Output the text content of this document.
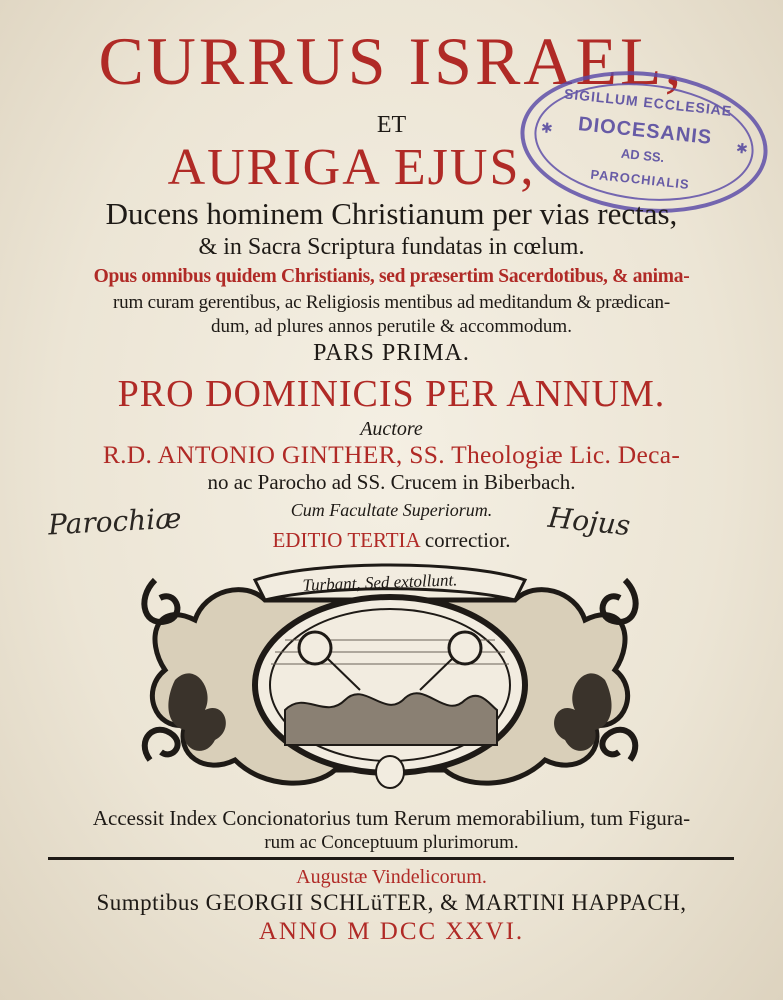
CURRUS ISRAEL,
ET
AURIGA EJUS,
SIGILLUM ECCLESIAE
✱	DIOCESANIS	✱
AD SS.
PAROCHIALIS
Ducens hominem Christianum per vias rectas,
& in Sacra Scriptura fundatas in cœlum.
Opus omnibus quidem Christianis, sed præsertim Sacerdotibus, & anima-
rum curam gerentibus, ac Religiosis mentibus ad meditandum & prædican-
dum, ad plures annos perutile & accommodum.
PARS PRIMA.
PRO DOMINICIS PER ANNUM.
Auctore
R.D. ANTONIO GINTHER, SS. Theologiæ Lic. Deca-
no ac Parocho ad SS. Crucem in Biberbach.
Cum Facultate Superiorum.
Parochiæ	Hojus
EDITIO TERTIA correctior.
Turbant, Sed extollunt.
Accessit Index Concionatorius tum Rerum memorabilium, tum Figura-
rum ac Conceptuum plurimorum.
Augustæ Vindelicorum.
Sumptibus GEORGII SCHLüTER, & MARTINI HAPPACH,
ANNO M DCC XXVI.
